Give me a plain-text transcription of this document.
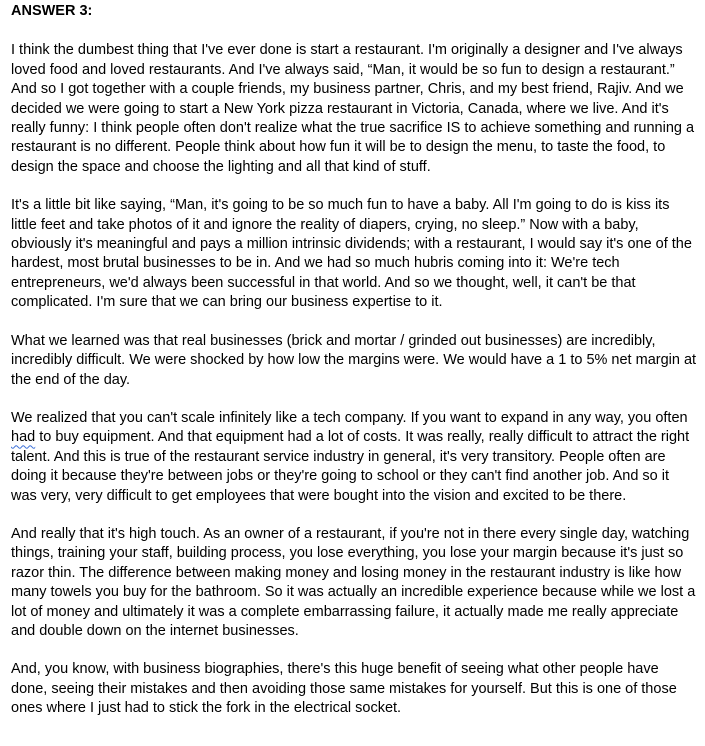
ANSWER 3:

I think the dumbest thing that I've ever done is start a restaurant. I'm originally a designer and I've always loved food and loved restaurants. And I've always said, “Man, it would be so fun to design a restaurant.” And so I got together with a couple friends, my business partner, Chris, and my best friend, Rajiv. And we decided we were going to start a New York pizza restaurant in Victoria, Canada, where we live. And it's really funny: I think people often don't realize what the true sacrifice IS to achieve something and running a restaurant is no different. People think about how fun it will be to design the menu, to taste the food, to design the space and choose the lighting and all that kind of stuff.

It's a little bit like saying, “Man, it's going to be so much fun to have a baby. All I'm going to do is kiss its little feet and take photos of it and ignore the reality of diapers, crying, no sleep.” Now with a baby, obviously it's meaningful and pays a million intrinsic dividends; with a restaurant, I would say it's one of the hardest, most brutal businesses to be in. And we had so much hubris coming into it: We're tech entrepreneurs, we'd always been successful in that world. And so we thought, well, it can't be that complicated. I'm sure that we can bring our business expertise to it.

What we learned was that real businesses (brick and mortar / grinded out businesses) are incredibly, incredibly difficult. We were shocked by how low the margins were. We would have a 1 to 5% net margin at the end of the day.

We realized that you can't scale infinitely like a tech company. If you want to expand in any way, you often had to buy equipment. And that equipment had a lot of costs. It was really, really difficult to attract the right talent. And this is true of the restaurant service industry in general, it's very transitory. People often are doing it because they're between jobs or they're going to school or they can't find another job. And so it was very, very difficult to get employees that were bought into the vision and excited to be there.

And really that it's high touch. As an owner of a restaurant, if you're not in there every single day, watching things, training your staff, building process, you lose everything, you lose your margin because it's just so razor thin. The difference between making money and losing money in the restaurant industry is like how many towels you buy for the bathroom. So it was actually an incredible experience because while we lost a lot of money and ultimately it was a complete embarrassing failure, it actually made me really appreciate and double down on the internet businesses.

And, you know, with business biographies, there's this huge benefit of seeing what other people have done, seeing their mistakes and then avoiding those same mistakes for yourself. But this is one of those ones where I just had to stick the fork in the electrical socket.
